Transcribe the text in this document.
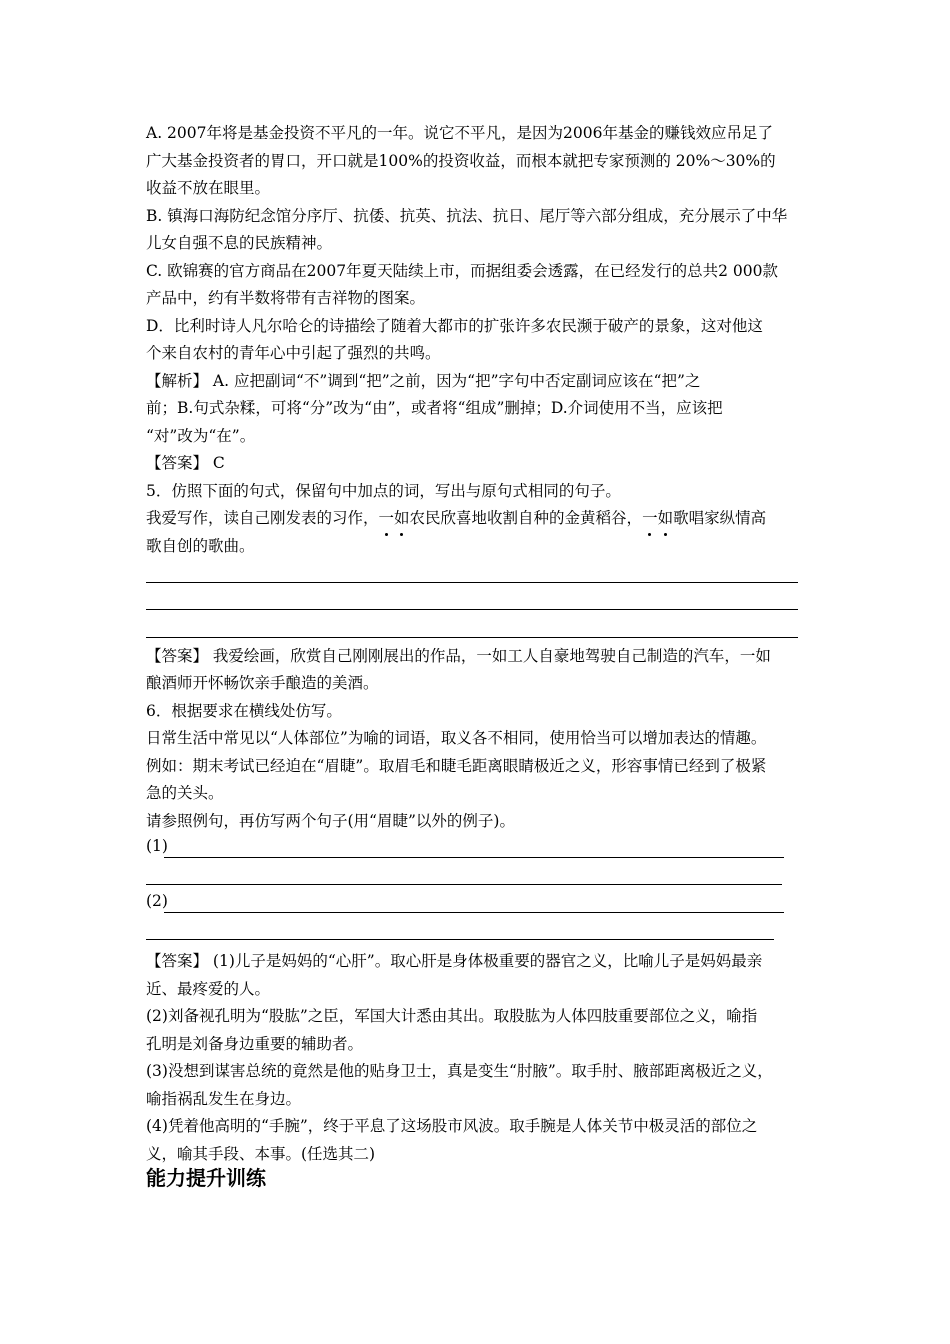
A. 2007年将是基金投资不平凡的一年。说它不平凡，是因为2006年基金的赚钱效应吊足了

广大基金投资者的胃口，开口就是100%的投资收益，而根本就把专家预测的 20%～30%的

收益不放在眼里。

B. 镇海口海防纪念馆分序厅、抗倭、抗英、抗法、抗日、尾厅等六部分组成，充分展示了中华

儿女自强不息的民族精神。

C. 欧锦赛的官方商品在2007年夏天陆续上市，而据组委会透露，在已经发行的总共2 000款

产品中，约有半数将带有吉祥物的图案。

D．比利时诗人凡尔哈仑的诗描绘了随着大都市的扩张许多农民濒于破产的景象，这对他这

个来自农村的青年心中引起了强烈的共鸣。

【解析】 A. 应把副词“不”调到“把”之前，因为“把”字句中否定副词应该在“把”之

前；B.句式杂糅，可将“分”改为“由”，或者将“组成”删掉；D.介词使用不当，应该把

“对”改为“在”。

【答案】 C

5．仿照下面的句式，保留句中加点的词，写出与原句式相同的句子。

我爱写作，读自己刚发表的习作，一如农民欣喜地收割自种的金黄稻谷，一如歌唱家纵情高

歌自创的歌曲。

【答案】 我爱绘画，欣赏自己刚刚展出的作品，一如工人自豪地驾驶自己制造的汽车，一如

酿酒师开怀畅饮亲手酿造的美酒。

6．根据要求在横线处仿写。

日常生活中常见以“人体部位”为喻的词语，取义各不相同，使用恰当可以增加表达的情趣。

例如：期末考试已经迫在“眉睫”。取眉毛和睫毛距离眼睛极近之义，形容事情已经到了极紧

急的关头。

请参照例句，再仿写两个句子(用“眉睫”以外的例子)。

(1)
(2)

【答案】 (1)儿子是妈妈的“心肝”。取心肝是身体极重要的器官之义，比喻儿子是妈妈最亲

近、最疼爱的人。

(2)刘备视孔明为“股肱”之臣，军国大计悉由其出。取股肱为人体四肢重要部位之义，喻指

孔明是刘备身边重要的辅助者。

(3)没想到谋害总统的竟然是他的贴身卫士，真是变生“肘腋”。取手肘、腋部距离极近之义，

喻指祸乱发生在身边。

(4)凭着他高明的“手腕”，终于平息了这场股市风波。取手腕是人体关节中极灵活的部位之

义，喻其手段、本事。(任选其二)

能力提升训练
